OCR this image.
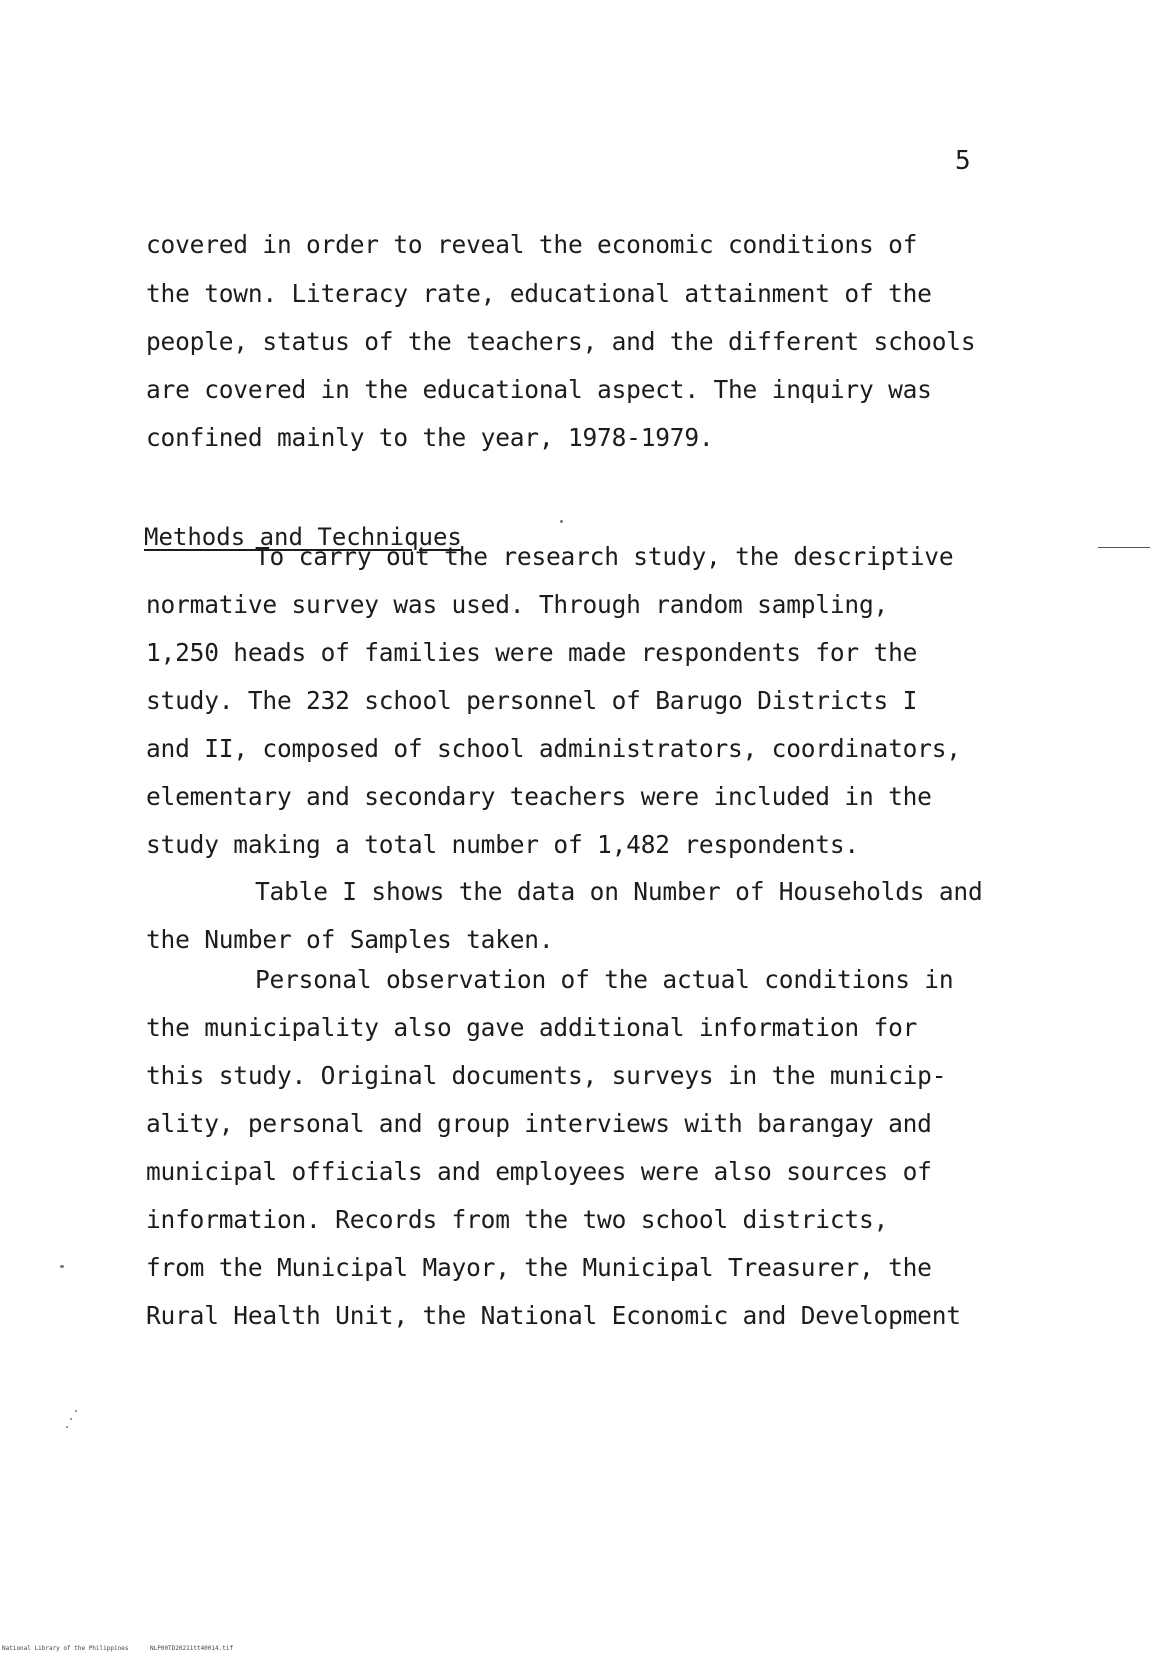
5
covered in order to reveal the economic conditions of
the town. Literacy rate, educational attainment of the
people, status of the teachers, and the different schools
are covered in the educational aspect. The inquiry was
confined mainly to the year, 1978-1979.
Methods and Techniques
To carry out the research study, the descriptive
normative survey was used. Through random sampling,
1,250 heads of families were made respondents for the
study. The 232 school personnel of Barugo Districts I
and II, composed of school administrators, coordinators,
elementary and secondary teachers were included in the
study making a total number of 1,482 respondents.
Table I shows the data on Number of Households and
the Number of Samples taken.
Personal observation of the actual conditions in
the municipality also gave additional information for
this study. Original documents, surveys in the municip-
ality, personal and group interviews with barangay and
municipal officials and employees were also sources of
information. Records from the two school districts,
from the Municipal Mayor, the Municipal Treasurer, the
Rural Health Unit, the National Economic and Development
National Library of the Philippines	NLP00TD20211tt40014.tif
